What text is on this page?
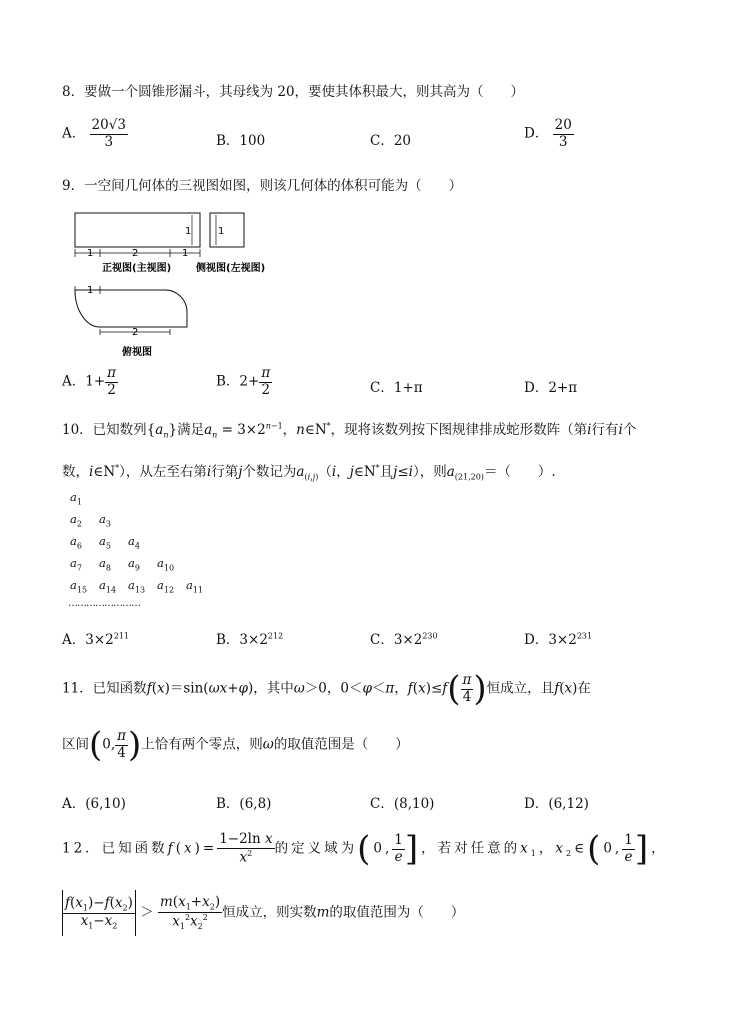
8．要做一个圆锥形漏斗，其母线为 20，要使其体积最大，则其高为（　　）
A． $\frac{20√3}{3}$	B．100	C．20	D． $\frac{20}{3}$
9．一空间几何体的三视图如图，则该几何体的体积可能为（　　）
1	2	1
1
正视图(主视图)
1
侧视图(左视图)
1
2
俯视图
A．$1+ \frac{\pi}{2}$	B．$2+ \frac{\pi}{2}$	C．1+π	D．2+π
10．已知数列$\{a_n\}$满足$a_n = 3\times 2^{n-1}$，n∈N*，现将该数列按下图规律排成蛇形数阵（第i行有i个
数，i∈N*），从左至右第i行第j个数记为$a_{(i,j)}(i$，j∈N*且j≤i），则$a_{(21,20)}=$（　　）.
$a_1$
$a_2$ $a_3$
$a_6$ $a_5$ $a_4$
$a_7$ $a_8$ $a_9$ $a_{10}$
$a_{15}$ $a_{14}$ $a_{13}$ $a_{12}$ $a_{11}$
……………………
A．$3\times 2^{211}$	B．$3\times 2^{212}$	C．$3\times 2^{230}$	D．$3\times 2^{231}$
11．已知函数f(x)＝sin(ωx+φ)，其中ω＞0，0＜φ＜π，$f(x)\le f( \frac{\pi}{4}$ )恒成立，且f(x)在
区间(0, $\frac{\pi}{4}$ )上恰有两个零点，则ω的取值范围是（　　）
A．(6,10)	B．(6,8)	C．(8,10)	D．(6,12)
12．已知函数$f(x)= \frac{\text{1−2ln x}}{x^2}$ 的定义域为(0, $\frac{1}{e}$ ]，若对任意的$x_1$，$x_2\in(0$, $\frac{1}{e}$ ]，
$\frac{f(x_1)-f(x_2)}{x_1-x_2} > \frac{m(x_1+x_2)}{x_1^2x_2^2}$ 恒成立，则实数m的取值范围为（　　）
